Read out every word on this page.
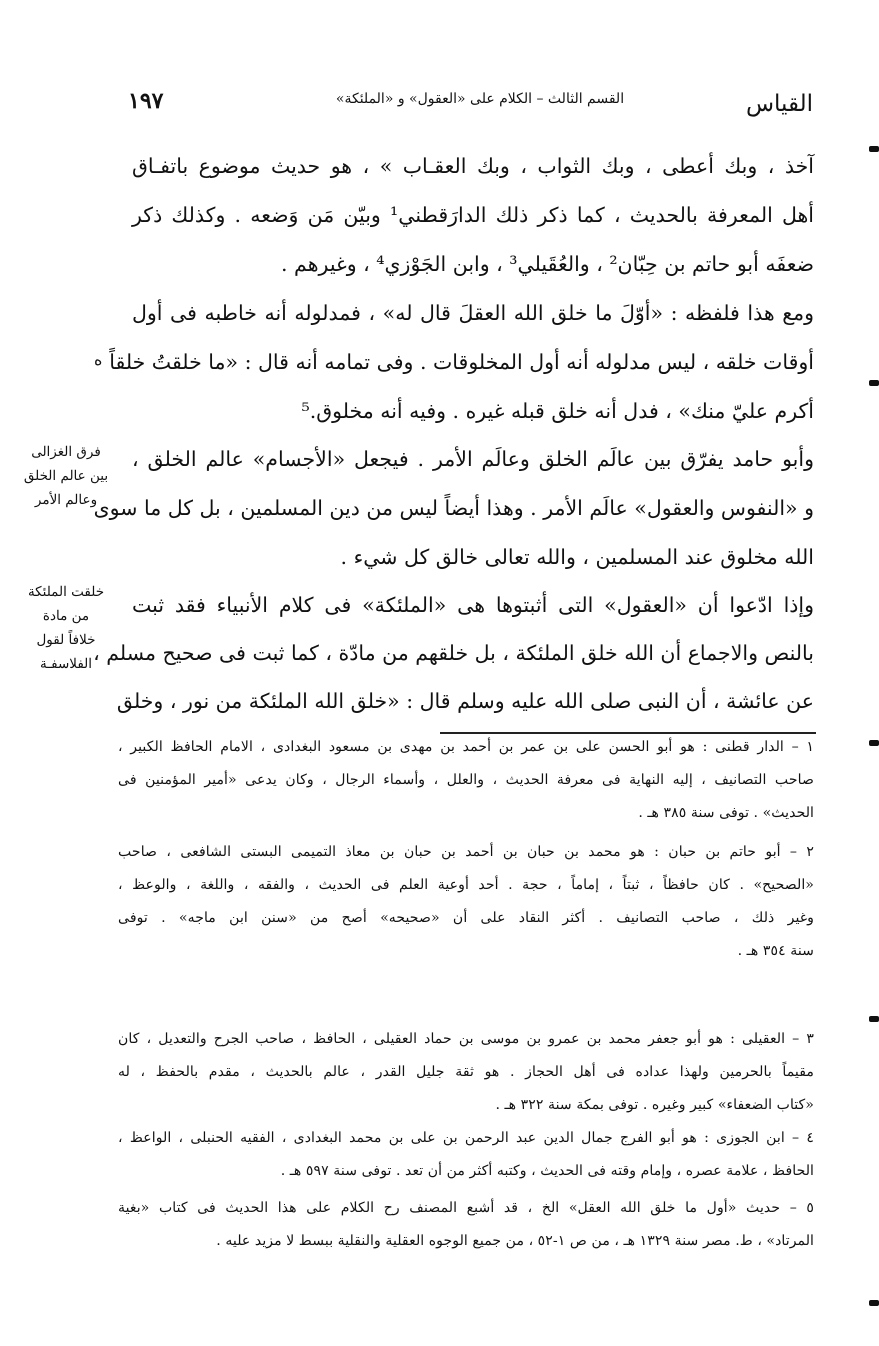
١٩٧	القسم الثالث – الكلام على «العقول» و «الملئكة»	القياس
آخذ ، وبك أعطى ، وبك الثواب ، وبك العقـاب » ، هو حديث موضوع باتفـاق
أهل المعرفة بالحديث ، كما ذكر ذلك الدارَقطني¹ وبيّن مَن وَضعه . وكذلك ذكر
ضعفَه أبو حاتم بن حِبّان² ، والعُقَيلي³ ، وابن الجَوْزي⁴ ، وغيرهم .
ومع هذا فلفظه : «أوّلَ ما خلق الله العقلَ قال له» ، فمدلوله أنه خاطبه فى أول
أوقات خلقه ، ليس مدلوله أنه أول المخلوقات . وفى تمامه أنه قال : «ما خلقتُ خلقاً
أكرم عليّ منك» ، فدل أنه خلق قبله غيره . وفيه أنه مخلوق.⁵
وأبو حامد يفرّق بين عالَم الخلق وعالَم الأمر . فيجعل «الأجسام» عالم الخلق ،
و «النفوس والعقول» عالَم الأمر . وهذا أيضاً ليس من دين المسلمين ، بل كل ما سوى
الله مخلوق عند المسلمين ، والله تعالى خالق كل شيء .
وإذا ادّعوا أن «العقول» التى أثبتوها هى «الملئكة» فى كلام الأنبياء فقد ثبت
بالنص والاجماع أن الله خلق الملئكة ، بل خلقهم من مادّة ، كما ثبت فى صحيح مسلم ،
عن عائشة ، أن النبى صلى الله عليه وسلم قال : «خلق الله الملئكة من نور ، وخلق
فرق الغزالى
بين عالم الخلق
وعالم الأمر
خلقت الملئكة
من مادة
خلافاً لقول
الفلاسفـة
ه
١ – الدار قطنى : هو أبو الحسن على بن عمر بن أحمد بن مهدى بن مسعود البغدادى ، الامام الحافظ الكبير ،
صاحب التصانيف ، إليه النهاية فى معرفة الحديث ، والعلل ، وأسماء الرجال ، وكان يدعى «أمير المؤمنين فى
الحديث» . توفى سنة ٣٨٥ هـ .
٢ – أبو حاتم بن حبان : هو محمد بن حبان بن أحمد بن حبان بن معاذ التميمى البستى الشافعى ، صاحب
«الصحيح» . كان حافظاً ، ثبتاً ، إماماً ، حجة . أحد أوعية العلم فى الحديث ، والفقه ، واللغة ، والوعظ ،
وغير ذلك ، صاحب التصانيف . أكثر النقاد على أن «صحيحه» أصح من «سنن ابن ماجه» . توفى
سنة ٣٥٤ هـ .
٣ – العقيلى : هو أبو جعفر محمد بن عمرو بن موسى بن حماد العقيلى ، الحافظ ، صاحب الجرح والتعديل ، كان
مقيماً بالحرمين ولهذا عداده فى أهل الحجاز . هو ثقة جليل القدر ، عالم بالحديث ، مقدم بالحفظ ، له
«كتاب الضعفاء» كبير وغيره . توفى بمكة سنة ٣٢٢ هـ .
٤ – ابن الجوزى : هو أبو الفرج جمال الدين عبد الرحمن بن على بن محمد البغدادى ، الفقيه الحنبلى ، الواعظ ،
الحافظ ، علامة عصره ، وإمام وقته فى الحديث ، وكتبه أكثر من أن تعد . توفى سنة ٥٩٧ هـ .
٥ – حديث «أول ما خلق الله العقل» الخ ، قد أشبع المصنف رح الكلام على هذا الحديث فى كتاب «بغية
المرتاد» ، ط. مصر سنة ١٣٢٩ هـ ، من ص ١-٥٢ ، من جميع الوجوه العقلية والنقلية ببسط لا مزيد عليه .
